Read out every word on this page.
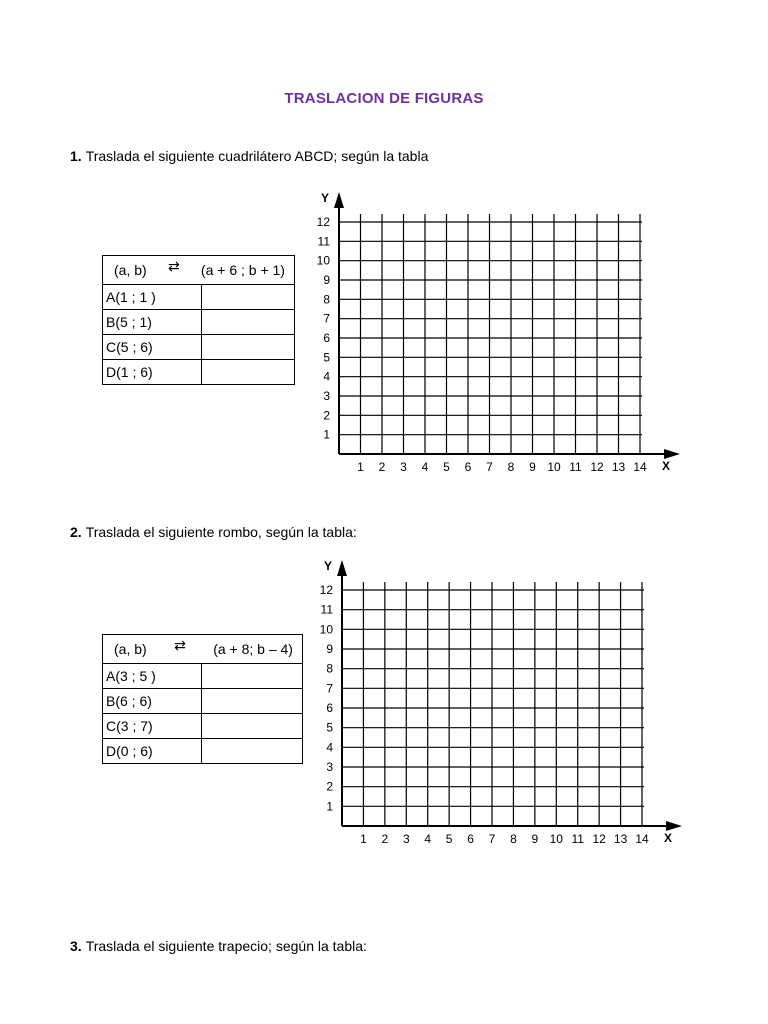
TRASLACION DE FIGURAS
1. Traslada el siguiente cuadrilátero ABCD; según la tabla
(a, b) ⇄ (a + 6 ; b + 1)	

A(1 ; 1 )	
B(5 ; 1)	
C(5 ; 6)	
D(1 ; 6)	
1 2 3 4 5 6 7 8 9 10 11 12 13 14
1
2
3
4
5
6
7
8
9
10
11
12
X
Y
2. Traslada el siguiente rombo, según la tabla:
(a, b) ⇄ (a + 8; b – 4)	

A(3 ; 5 )	
B(6 ; 6)	
C(3 ; 7)	
D(0 ; 6)	
1 2 3 4 5 6 7 8 9 10 11 12 13 14
1
2
3
4
5
6
7
8
9
10
11
12
X
Y
3. Traslada el siguiente trapecio; según la tabla:
